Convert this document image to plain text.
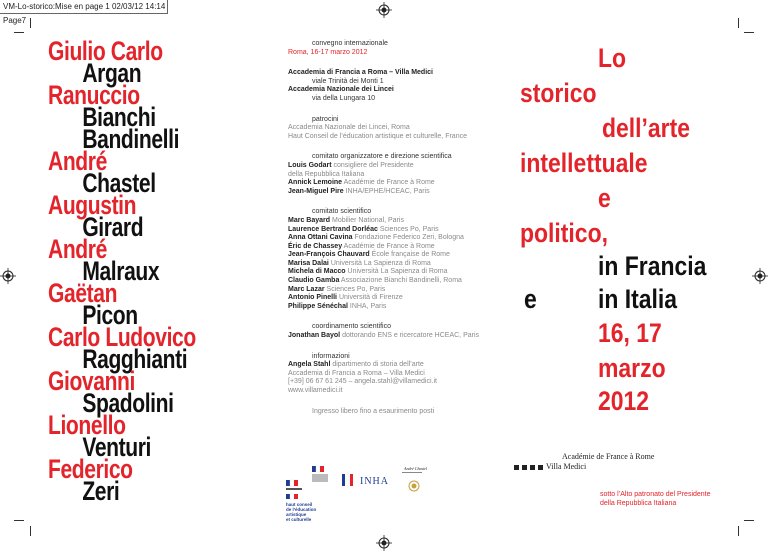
VM-Lo-storico:Mise en page 1 02/03/12 14:14 Page7
Giulio Carlo
Argan
Ranuccio
Bianchi
Bandinelli
André
Chastel
Augustin
Girard
André
Malraux
Gaëtan
Picon
Carlo Ludovico
Ragghianti
Giovanni
Spadolini
Lionello
Venturi
Federico
Zeri
convegno internazionale
Roma, 16-17 marzo 2012
Accademia di Francia a Roma – Villa Medici
viale Trinità dei Monti 1
Accademia Nazionale dei Lincei
via della Lungara 10
patrocini
Accademia Nazionale dei Lincei, Roma
Haut Conseil de l’éducation artistique et culturelle, France
comitato organizzatore e direzione scientifica
Louis Godart consigliere del Presidente
della Repubblica Italiana
Annick Lemoine Académie de France à Rome
Jean-Miguel Pire INHA/EPHE/HCEAC, Paris
comitato scientifico
Marc Bayard Mobilier National, Paris
Laurence Bertrand Dorléac Sciences Po, Paris
Anna Ottani Cavina Fondazione Federico Zeri, Bologna
Éric de Chassey Académie de France à Rome
Jean-François Chauvard École française de Rome
Marisa Dalai Università La Sapienza di Roma
Michela di Macco Università La Sapienza di Roma
Claudio Gamba Associazione Bianchi Bandinelli, Roma
Marc Lazar Sciences Po, Paris
Antonio Pinelli Università di Firenze
Philippe Sénéchal INHA, Paris
coordinamento scientifico
Jonathan Bayol dottorando ENS e ricercatore HCEAC, Paris
informazioni
Angela Stahl dipartimento di storia dell’arte
Accademia di Francia a Roma – Villa Medici
[+39] 06 67 61 245 – angela.stahl@villamedici.it
www.villamedici.it
Ingresso libero fino a esaurimento posti
Lo
storico
dell’arte
intellettuale
e
politico,
in Francia
e in Italia
16, 17
marzo
2012
Académie de France à Rome
Villa Medici
sotto l’Alto patronato del Presidente
della Repubblica Italiana
haut conseil
de l’éducation
artistique
et culturelle
INHA
André Chastel
